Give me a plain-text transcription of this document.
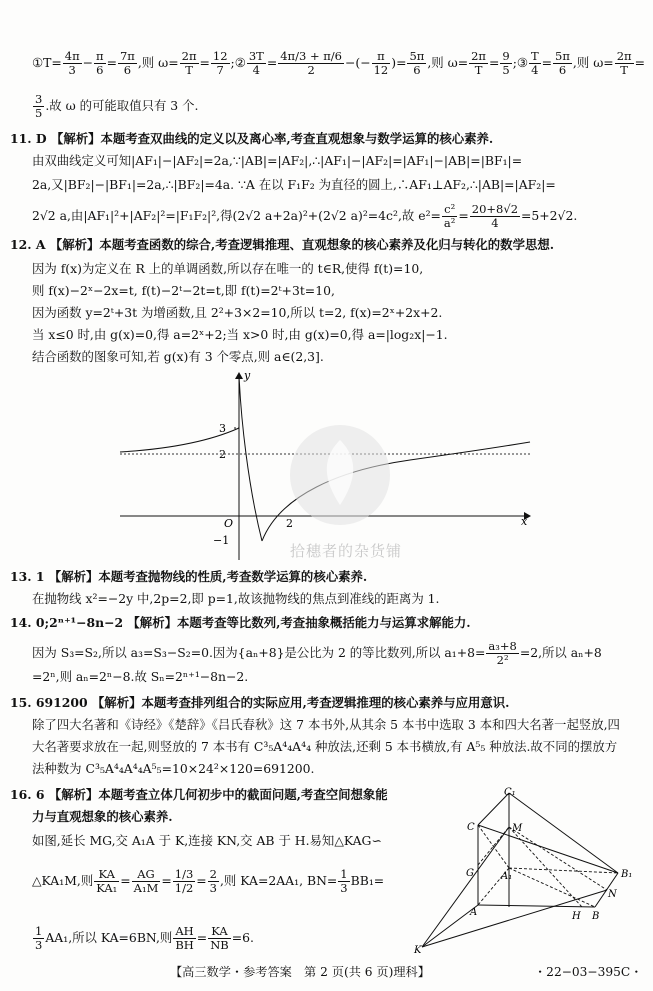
①T= $\frac{4\pi}{3} - \frac{\pi}{6} = \frac{7\pi}{6}$ ,则 $\omega= \frac{2\pi}{T} = \frac{12}{7}$ ;② $\frac{3T}{4} = \frac{4\pi/3 + \pi/6}{2}$ −(− $\frac{\pi}{12}$ )= $\frac{5\pi}{6}$ ,则 $\omega= \frac{2\pi}{T} = \frac{9}{5}$ ;③ $\frac{T}{4} = \frac{5\pi}{6}$ ,则 $\omega= \frac{2\pi}{T}$ =
$\frac{3}{5}$ .故 ω 的可能取值只有 3 个.
11. D 【解析】本题考查双曲线的定义以及离心率,考查直观想象与数学运算的核心素养.
由双曲线定义可知|AF₁|−|AF₂|=2a,∵|AB|=|AF₂|,∴|AF₁|−|AF₂|=|AF₁|−|AB|=|BF₁|=
2a,又|BF₂|−|BF₁|=2a,∴|BF₂|=4a. ∵A 在以 F₁F₂ 为直径的圆上,∴AF₁⊥AF₂,∴|AB|=|AF₂|=
2√2 a,由|AF₁|²+|AF₂|²=|F₁F₂|²,得(2√2 a+2a)²+(2√2 a)²=4c²,故 $e^2= \frac{\text{c²}}{\text{a²}} = \frac{20+8√2}{4} =5+2√2$.
12. A 【解析】本题考查函数的综合,考查逻辑推理、直观想象的核心素养及化归与转化的数学思想.
因为 f(x)为定义在 R 上的单调函数,所以存在唯一的 t∈R,使得 f(t)=10,
则 f(x)−2ˣ−2x=t, f(t)−2ᵗ−2t=t,即 f(t)=2ᵗ+3t=10,
因为函数 y=2ᵗ+3t 为增函数,且 2²+3×2=10,所以 t=2, f(x)=2ˣ+2x+2.
当 x≤0 时,由 g(x)=0,得 a=2ˣ+2;当 x>0 时,由 g(x)=0,得 a=|log₂x|−1.
结合函数的图象可知,若 g(x)有 3 个零点,则 a∈(2,3].
y
x
O
3
2
−1
2
拾穗者的杂货铺
13. 1 【解析】本题考查抛物线的性质,考查数学运算的核心素养.
在抛物线 x²=−2y 中,2p=2,即 p=1,故该抛物线的焦点到准线的距离为 1.
14. 0;2ⁿ⁺¹−8n−2 【解析】本题考查等比数列,考查抽象概括能力与运算求解能力.
因为 S₃=S₂,所以 a₃=S₃−S₂=0.因为{aₙ+8}是公比为 2 的等比数列,所以 $a_1+8= \frac{\text{a₃+8}}{\text{2²}} =2$,所以 aₙ+8
=2ⁿ,则 aₙ=2ⁿ−8.故 Sₙ=2ⁿ⁺¹−8n−2.
15. 691200 【解析】本题考查排列组合的实际应用,考查逻辑推理的核心素养与应用意识.
除了四大名著和《诗经》《楚辞》《吕氏春秋》这 7 本书外,从其余 5 本书中选取 3 本和四大名著一起竖放,四
大名著要求放在一起,则竖放的 7 本书有 C³₅A⁴₄A⁴₄ 种放法,还剩 5 本书横放,有 A⁵₅ 种放法.故不同的摆放方
法种数为 C³₅A⁴₄A⁴₄A⁵₅=10×24²×120=691200.
16. 6 【解析】本题考查立体几何初步中的截面问题,考查空间想象能
力与直观想象的核心素养.
如图,延长 MG,交 A₁A 于 K,连接 KN,交 AB 于 H.易知△KAG∽
△KA₁M,则 $\frac{KA}{\text{KA₁}} = \frac{AG}{\text{A₁M}} = \frac{1/3}{1/2} = \frac{2}{3}$ ,则 KA=2AA₁, $BN= \frac{1}{3} BB_1=$
$\frac{1}{3} AA_1$,所以 KA=6BN,则 $\frac{AH}{BH} = \frac{KA}{NB} =6$.
C₁
C	M
G	A₁	B₁
N
A	H B
K
【高三数学・参考答案　第 2 页(共 6 页)理科】	・22−03−395C・
